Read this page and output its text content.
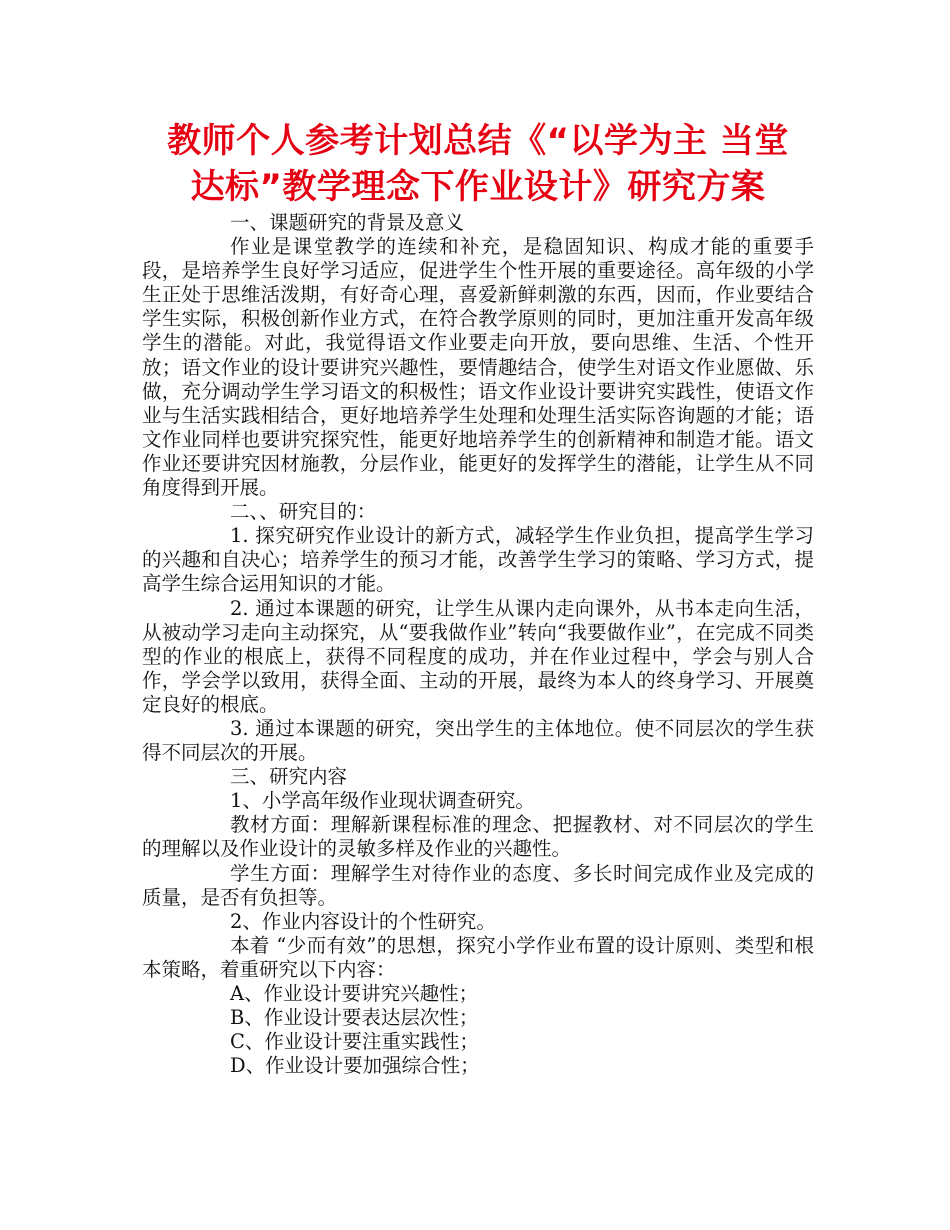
教师个人参考计划总结《“以学为主 当堂
达标”教学理念下作业设计》研究方案

一、课题研究的背景及意义

作业是课堂教学的连续和补充，是稳固知识、构成才能的重要手段，是培养学生良好学习适应，促进学生个性开展的重要途径。高年级的小学生正处于思维活泼期，有好奇心理，喜爱新鲜刺激的东西，因而，作业要结合学生实际，积极创新作业方式，在符合教学原则的同时，更加注重开发高年级学生的潜能。对此，我觉得语文作业要走向开放，要向思维、生活、个性开放；语文作业的设计要讲究兴趣性，要情趣结合，使学生对语文作业愿做、乐做，充分调动学生学习语文的积极性；语文作业设计要讲究实践性，使语文作业与生活实践相结合，更好地培养学生处理和处理生活实际咨询题的才能；语文作业同样也要讲究探究性，能更好地培养学生的创新精神和制造才能。语文作业还要讲究因材施教，分层作业，能更好的发挥学生的潜能，让学生从不同角度得到开展。

二、、研究目的：

1. 探究研究作业设计的新方式，减轻学生作业负担，提高学生学习的兴趣和自决心；培养学生的预习才能，改善学生学习的策略、学习方式，提高学生综合运用知识的才能。

2. 通过本课题的研究，让学生从课内走向课外，从书本走向生活，从被动学习走向主动探究，从“要我做作业”转向“我要做作业”，在完成不同类型的作业的根底上，获得不同程度的成功，并在作业过程中，学会与别人合作，学会学以致用，获得全面、主动的开展，最终为本人的终身学习、开展奠定良好的根底。

3. 通过本课题的研究，突出学生的主体地位。使不同层次的学生获得不同层次的开展。

三、研究内容

1、小学高年级作业现状调查研究。

教材方面：理解新课程标准的理念、把握教材、对不同层次的学生的理解以及作业设计的灵敏多样及作业的兴趣性。

学生方面：理解学生对待作业的态度、多长时间完成作业及完成的质量，是否有负担等。

2、作业内容设计的个性研究。

本着 “少而有效”的思想，探究小学作业布置的设计原则、类型和根本策略，着重研究以下内容：

A、作业设计要讲究兴趣性；

B、作业设计要表达层次性；

C、作业设计要注重实践性；

D、作业设计要加强综合性；
